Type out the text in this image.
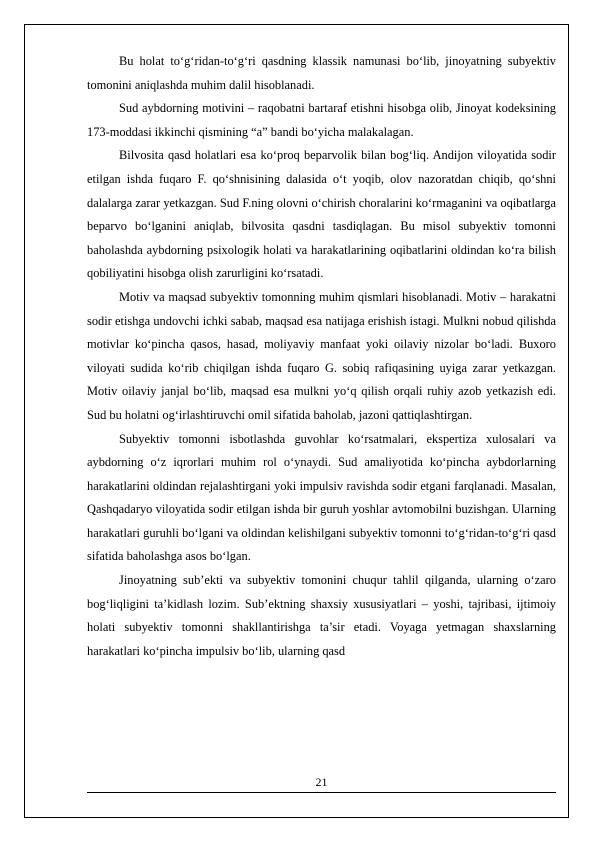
Bu holat to‘g‘ridan-to‘g‘ri qasdning klassik namunasi bo‘lib, jinoyatning subyektiv tomonini aniqlashda muhim dalil hisoblanadi.

Sud aybdorning motivini – raqobatni bartaraf etishni hisobga olib, Jinoyat kodeksining 173-moddasi ikkinchi qismining “a” bandi bo‘yicha malakalagan.

Bilvosita qasd holatlari esa ko‘proq beparvolik bilan bog‘liq. Andijon viloyatida sodir etilgan ishda fuqaro F. qo‘shnisining dalasida o‘t yoqib, olov nazoratdan chiqib, qo‘shni dalalarga zarar yetkazgan. Sud F.ning olovni o‘chirish choralarini ko‘rmaganini va oqibatlarga beparvo bo‘lganini aniqlab, bilvosita qasdni tasdiqlagan. Bu misol subyektiv tomonni baholashda aybdorning psixologik holati va harakatlarining oqibatlarini oldindan ko‘ra bilish qobiliyatini hisobga olish zarurligini ko‘rsatadi.

Motiv va maqsad subyektiv tomonning muhim qismlari hisoblanadi. Motiv – harakatni sodir etishga undovchi ichki sabab, maqsad esa natijaga erishish istagi. Mulkni nobud qilishda motivlar ko‘pincha qasos, hasad, moliyaviy manfaat yoki oilaviy nizolar bo‘ladi. Buxoro viloyati sudida ko‘rib chiqilgan ishda fuqaro G. sobiq rafiqasining uyiga zarar yetkazgan. Motiv oilaviy janjal bo‘lib, maqsad esa mulkni yo‘q qilish orqali ruhiy azob yetkazish edi. Sud bu holatni og‘irlashtiruvchi omil sifatida baholab, jazoni qattiqlashtirgan.

Subyektiv tomonni isbotlashda guvohlar ko‘rsatmalari, ekspertiza xulosalari va aybdorning o‘z iqrorlari muhim rol o‘ynaydi. Sud amaliyotida ko‘pincha aybdorlarning harakatlarini oldindan rejalashtirgani yoki impulsiv ravishda sodir etgani farqlanadi. Masalan, Qashqadaryo viloyatida sodir etilgan ishda bir guruh yoshlar avtomobilni buzishgan. Ularning harakatlari guruhli bo‘lgani va oldindan kelishilgani subyektiv tomonni to‘g‘ridan-to‘g‘ri qasd sifatida baholashga asos bo‘lgan.

Jinoyatning sub’ekti va subyektiv tomonini chuqur tahlil qilganda, ularning o‘zaro bog‘liqligini ta’kidlash lozim. Sub’ektning shaxsiy xususiyatlari – yoshi, tajribasi, ijtimoiy holati subyektiv tomonni shakllantirishga ta’sir etadi. Voyaga yetmagan shaxslarning harakatlari ko‘pincha impulsiv bo‘lib, ularning qasd

21
